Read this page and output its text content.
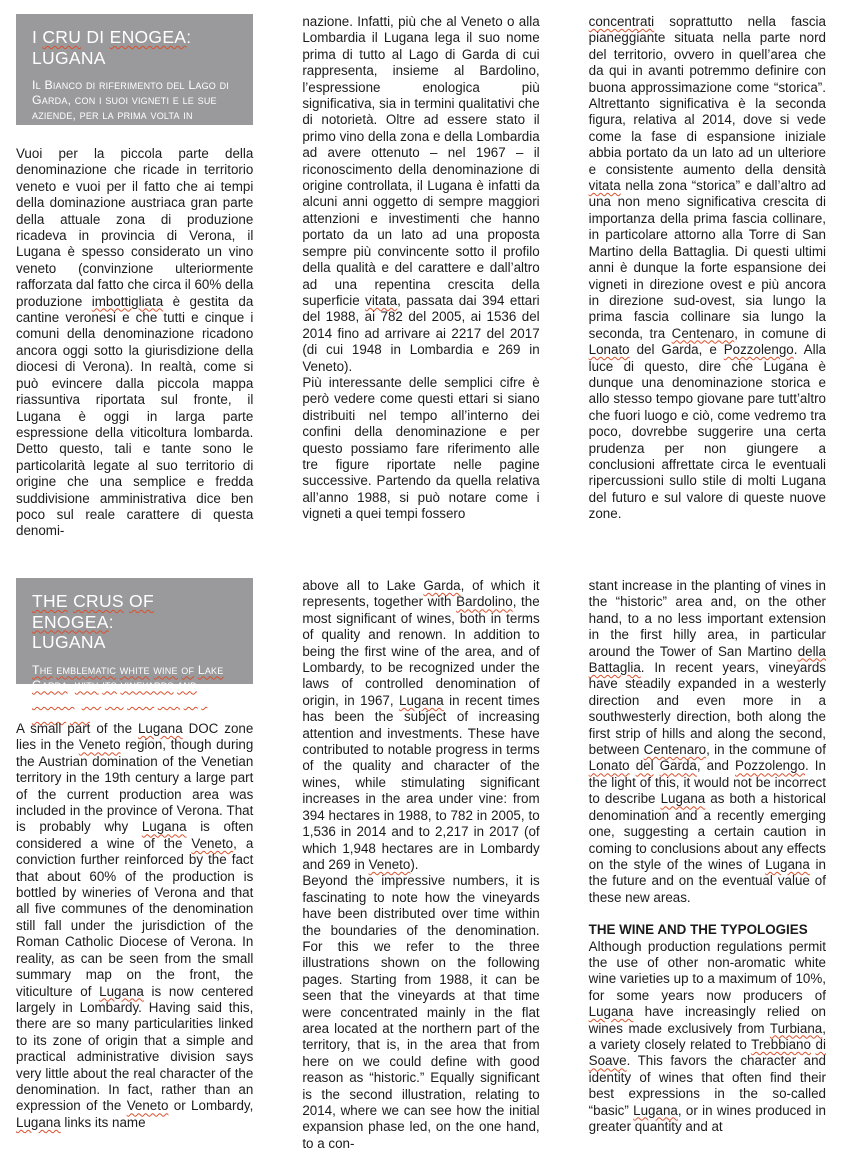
I CRU DI ENOGEA:
LUGANA
Il Bianco di riferimento del Lago di Garda, con i suoi vigneti e le sue aziende, per la prima volta in un’unica mappa.

Vuoi per la piccola parte della denominazione che ricade in territorio veneto e vuoi per il fatto che ai tempi della dominazione austriaca gran parte della attuale zona di produzione ricadeva in provincia di Verona, il Lugana è spesso considerato un vino veneto (convinzione ulteriormente rafforzata dal fatto che circa il 60% della produzione imbottigliata è gestita da cantine veronesi e che tutti e cinque i comuni della denominazione ricadono ancora oggi sotto la giurisdizione della diocesi di Verona). In realtà, come si può evincere dalla piccola mappa riassuntiva riportata sul fronte, il Lugana è oggi in larga parte espressione della viticoltura lombarda. Detto questo, tali e tante sono le particolarità legate al suo territorio di origine che una semplice e fredda suddivisione amministrativa dice ben poco sul reale carattere di questa denomi-

nazione. Infatti, più che al Veneto o alla Lombardia il Lugana lega il suo nome prima di tutto al Lago di Garda di cui rappresenta, insieme al Bardolino, l’espressione enologica più significativa, sia in termini qualitativi che di notorietà. Oltre ad essere stato il primo vino della zona e della Lombardia ad avere ottenuto – nel 1967 – il riconoscimento della denominazione di origine controllata, il Lugana è infatti da alcuni anni oggetto di sempre maggiori attenzioni e investimenti che hanno portato da un lato ad una proposta sempre più convincente sotto il profilo della qualità e del carattere e dall’altro ad una repentina crescita della superficie vitata, passata dai 394 ettari del 1988, ai 782 del 2005, ai 1536 del 2014 fino ad arrivare ai 2217 del 2017 (di cui 1948 in Lombardia e 269 in Veneto).

Più interessante delle semplici cifre è però vedere come questi ettari si siano distribuiti nel tempo all’interno dei confini della denominazione e per questo possiamo fare riferimento alle tre figure riportate nelle pagine successive. Partendo da quella relativa all’anno 1988, si può notare come i vigneti a quei tempi fossero

concentrati soprattutto nella fascia pianeggiante situata nella parte nord del territorio, ovvero in quell’area che da qui in avanti potremmo definire con buona approssimazione come “storica”. Altrettanto significativa è la seconda figura, relativa al 2014, dove si vede come la fase di espansione iniziale abbia portato da un lato ad un ulteriore e consistente aumento della densità vitata nella zona “storica” e dall’altro ad una non meno significativa crescita di importanza della prima fascia collinare, in particolare attorno alla Torre di San Martino della Battaglia. Di questi ultimi anni è dunque la forte espansione dei vigneti in direzione ovest e più ancora in direzione sud-ovest, sia lungo la prima fascia collinare sia lungo la seconda, tra Centenaro, in comune di Lonato del Garda, e Pozzolengo. Alla luce di questo, dire che Lugana è dunque una denominazione storica e allo stesso tempo giovane pare tutt’altro che fuori luogo e ciò, come vedremo tra poco, dovrebbe suggerire una certa prudenza per non giungere a conclusioni affrettate circa le eventuali ripercussioni sullo stile di molti Lugana del futuro e sul valore di queste nuove zone.

THE CRUS OF ENOGEA:
LUGANA
The emblematic white wine of Lake Garda, with its vineyards and cellars, for the first time on a single map.

A small part of the Lugana DOC zone lies in the Veneto region, though during the Austrian domination of the Venetian territory in the 19th century a large part of the current production area was included in the province of Verona. That is probably why Lugana is often considered a wine of the Veneto, a conviction further reinforced by the fact that about 60% of the production is bottled by wineries of Verona and that all five communes of the denomination still fall under the jurisdiction of the Roman Catholic Diocese of Verona. In reality, as can be seen from the small summary map on the front, the viticulture of Lugana is now centered largely in Lombardy. Having said this, there are so many particularities linked to its zone of origin that a simple and practical administrative division says very little about the real character of the denomination. In fact, rather than an expression of the Veneto or Lombardy, Lugana links its name

above all to Lake Garda, of which it represents, together with Bardolino, the most significant of wines, both in terms of quality and renown. In addition to being the first wine of the area, and of Lombardy, to be recognized under the laws of controlled denomination of origin, in 1967, Lugana in recent times has been the subject of increasing attention and investments. These have contributed to notable progress in terms of the quality and character of the wines, while stimulating significant increases in the area under vine: from 394 hectares in 1988, to 782 in 2005, to 1,536 in 2014 and to 2,217 in 2017 (of which 1,948 hectares are in Lombardy and 269 in Veneto).

Beyond the impressive numbers, it is fascinating to note how the vineyards have been distributed over time within the boundaries of the denomination. For this we refer to the three illustrations shown on the following pages. Starting from 1988, it can be seen that the vineyards at that time were concentrated mainly in the flat area located at the northern part of the territory, that is, in the area that from here on we could define with good reason as “historic.” Equally significant is the second illustration, relating to 2014, where we can see how the initial expansion phase led, on the one hand, to a con-

stant increase in the planting of vines in the “historic” area and, on the other hand, to a no less important extension in the first hilly area, in particular around the Tower of San Martino della Battaglia. In recent years, vineyards have steadily expanded in a westerly direction and even more in a southwesterly direction, both along the first strip of hills and along the second, between Centenaro, in the commune of Lonato del Garda, and Pozzolengo. In the light of this, it would not be incorrect to describe Lugana as both a historical denomination and a recently emerging one, suggesting a certain caution in coming to conclusions about any effects on the style of the wines of Lugana in the future and on the eventual value of these new areas.

THE WINE AND THE TYPOLOGIES

Although production regulations permit the use of other non-aromatic white wine varieties up to a maximum of 10%, for some years now producers of Lugana have increasingly relied on wines made exclusively from Turbiana, a variety closely related to Trebbiano di Soave. This favors the character and identity of wines that often find their best expressions in the so-called “basic” Lugana, or in wines produced in greater quantity and at
